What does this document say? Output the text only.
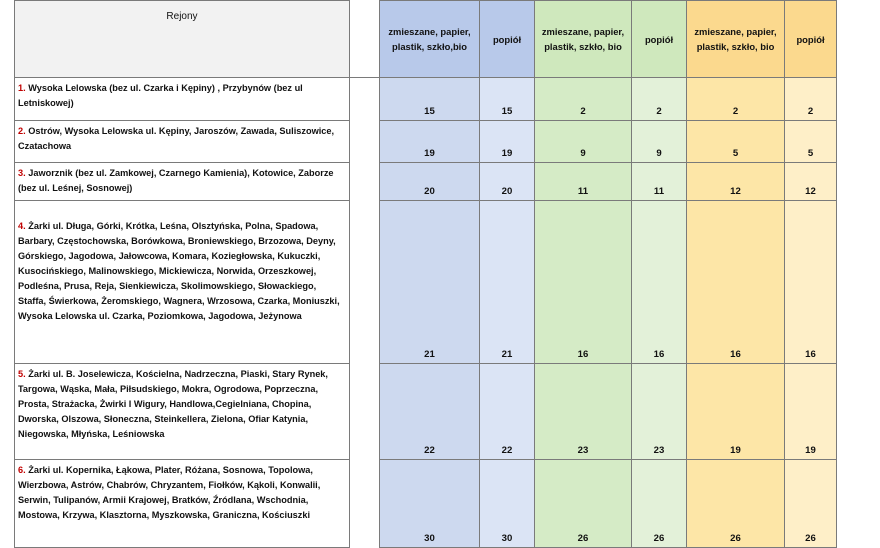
Rejony		zmieszane, papier, plastik, szkło,bio	popiół	zmieszane, papier, plastik, szkło, bio	popiół	zmieszane, papier, plastik, szkło, bio	popiół
1. Wysoka Lelowska (bez ul. Czarka i Kępiny) , Przybynów (bez ul Letniskowej)		15	15	2	2	2	2
2. Ostrów, Wysoka Lelowska ul. Kępiny, Jaroszów, Zawada, Suliszowice, Czatachowa		19	19	9	9	5	5
3. Jaworznik (bez ul. Zamkowej, Czarnego Kamienia), Kotowice, Zaborze (bez ul. Leśnej, Sosnowej)		20	20	11	11	12	12
4. Żarki ul. Długa, Górki, Krótka, Leśna, Olsztyńska, Polna, Spadowa, Barbary, Częstochowska, Borówkowa, Broniewskiego, Brzozowa, Deyny, Górskiego, Jagodowa, Jałowcowa, Komara, Koziegłowska, Kukuczki, Kusocińskiego, Malinowskiego, Mickiewicza, Norwida, Orzeszkowej, Podleśna, Prusa, Reja, Sienkiewicza, Skolimowskiego, Słowackiego, Staffa, Świerkowa, Żeromskiego, Wagnera, Wrzosowa, Czarka, Moniuszki, Wysoka Lelowska ul. Czarka, Poziomkowa, Jagodowa, Jeżynowa		21	21	16	16	16	16
5. Żarki ul. B. Joselewicza, Kościelna, Nadrzeczna, Piaski, Stary Rynek, Targowa, Wąska, Mała, Piłsudskiego, Mokra, Ogrodowa, Poprzeczna, Prosta, Strażacka, Żwirki I Wigury, Handlowa,Cegielniana, Chopina, Dworska, Olszowa, Słoneczna, Steinkellera, Zielona, Ofiar Katynia, Niegowska, Młyńska, Leśniowska		22	22	23	23	19	19
6. Żarki ul. Kopernika, Łąkowa, Plater, Różana, Sosnowa, Topolowa, Wierzbowa, Astrów, Chabrów, Chryzantem, Fiołków, Kąkoli, Konwalii, Serwin, Tulipanów, Armii Krajowej, Bratków, Źródlana, Wschodnia, Mostowa, Krzywa, Klasztorna, Myszkowska, Graniczna, Kościuszki		30	30	26	26	26	26
